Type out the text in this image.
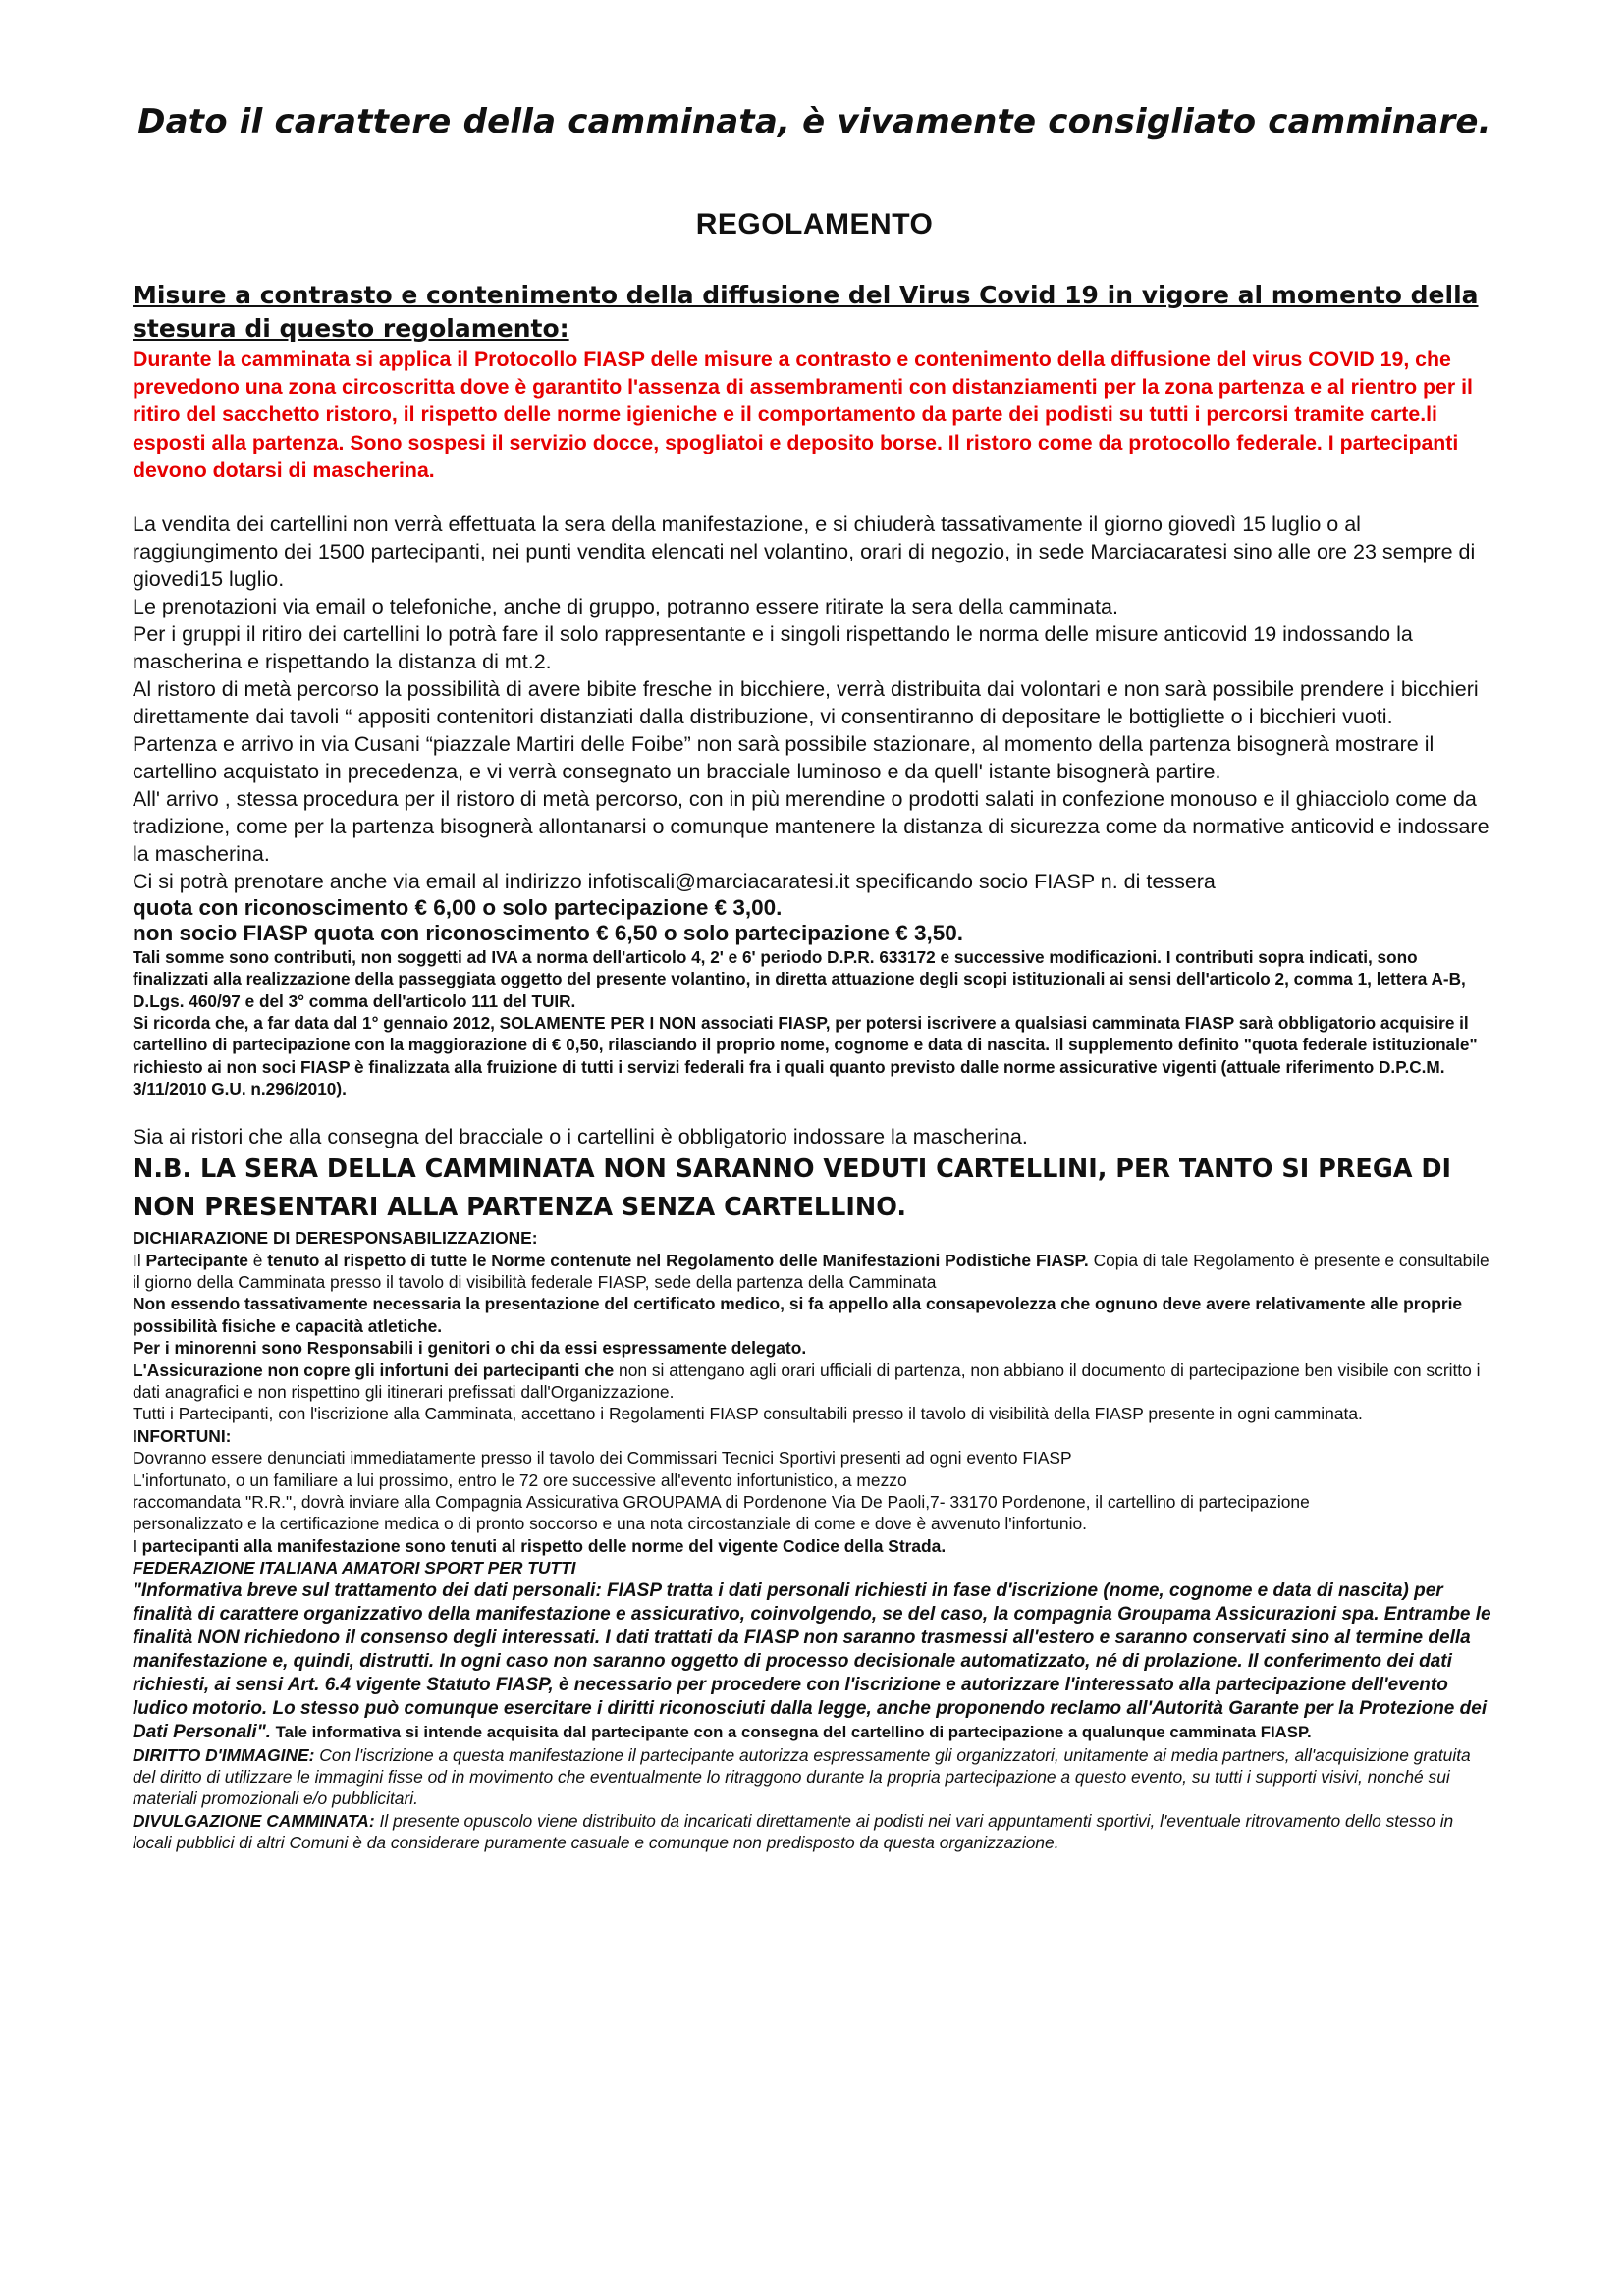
Dato il carattere della camminata, è vivamente consigliato camminare.
REGOLAMENTO

Misure a contrasto e contenimento della diffusione del Virus Covid 19 in vigore al momento della stesura di questo regolamento:

Durante la camminata si applica il Protocollo FIASP delle misure a contrasto e contenimento della diffusione del virus COVID 19, che prevedono una zona circoscritta dove è garantito l'assenza di assembramenti con distanziamenti per la zona partenza e al rientro per il ritiro del sacchetto ristoro, il rispetto delle norme igieniche e il comportamento da parte dei podisti su tutti i percorsi tramite carte.li esposti alla partenza. Sono sospesi il servizio docce, spogliatoi e deposito borse. Il ristoro come da protocollo federale. I partecipanti devono dotarsi di mascherina.

La vendita dei cartellini non verrà effettuata la sera della manifestazione, e si chiuderà tassativamente il giorno giovedì 15 luglio o al raggiungimento dei 1500 partecipanti, nei punti vendita elencati nel volantino, orari di negozio, in sede Marciacaratesi sino alle ore 23 sempre di giovedi15 luglio.

Le prenotazioni via email o telefoniche, anche di gruppo, potranno essere ritirate la sera della camminata.

Per i gruppi il ritiro dei cartellini lo potrà fare il solo rappresentante e i singoli rispettando le norma delle misure anticovid 19 indossando la mascherina e rispettando la distanza di mt.2.

Al ristoro di metà percorso la possibilità di avere bibite fresche in bicchiere, verrà distribuita dai volontari e non sarà possibile prendere i bicchieri direttamente dai tavoli “ appositi contenitori distanziati dalla distribuzione, vi consentiranno di depositare le bottigliette o i bicchieri vuoti.

Partenza e arrivo in via Cusani “piazzale Martiri delle Foibe” non sarà possibile stazionare, al momento della partenza bisognerà mostrare il cartellino acquistato in precedenza, e vi verrà consegnato un bracciale luminoso e da quell' istante bisognerà partire.

All' arrivo , stessa procedura per il ristoro di metà percorso, con in più merendine o prodotti salati in confezione monouso e il ghiacciolo come da tradizione, come per la partenza bisognerà allontanarsi o comunque mantenere la distanza di sicurezza come da normative anticovid e indossare la mascherina.

Ci si potrà prenotare anche via email al indirizzo infotiscali@marciacaratesi.it specificando socio FIASP n. di tessera

quota con riconoscimento € 6,00 o solo partecipazione € 3,00.

non socio FIASP quota con riconoscimento € 6,50 o solo partecipazione € 3,50.

Tali somme sono contributi, non soggetti ad IVA a norma dell'articolo 4, 2' e 6' periodo D.P.R. 633172 e successive modificazioni. I contributi sopra indicati, sono finalizzati alla realizzazione della passeggiata oggetto del presente volantino, in diretta attuazione degli scopi istituzionali ai sensi dell'articolo 2, comma 1, lettera A-B, D.Lgs. 460/97 e del 3° comma dell'articolo 111 del TUIR.

Si ricorda che, a far data dal 1° gennaio 2012, SOLAMENTE PER I NON associati FIASP, per potersi iscrivere a qualsiasi camminata FIASP sarà obbligatorio acquisire il cartellino di partecipazione con la maggiorazione di € 0,50, rilasciando il proprio nome, cognome e data di nascita. Il supplemento definito "quota federale istituzionale" richiesto ai non soci FIASP è finalizzata alla fruizione di tutti i servizi federali fra i quali quanto previsto dalle norme assicurative vigenti (attuale riferimento D.P.C.M. 3/11/2010 G.U. n.296/2010).

Sia ai ristori che alla consegna del bracciale o i cartellini è obbligatorio indossare la mascherina.

N.B. LA SERA DELLA CAMMINATA NON SARANNO VEDUTI CARTELLINI, PER TANTO SI PREGA DI NON PRESENTARI ALLA PARTENZA SENZA CARTELLINO.

DICHIARAZIONE DI DERESPONSABILIZZAZIONE:

Il Partecipante è tenuto al rispetto di tutte le Norme contenute nel Regolamento delle Manifestazioni Podistiche FIASP. Copia di tale Regolamento è presente e consultabile il giorno della Camminata presso il tavolo di visibilità federale FIASP, sede della partenza della Camminata

Non essendo tassativamente necessaria la presentazione del certificato medico, si fa appello alla consapevolezza che ognuno deve avere relativamente alle proprie possibilità fisiche e capacità atletiche.

Per i minorenni sono Responsabili i genitori o chi da essi espressamente delegato.

L'Assicurazione non copre gli infortuni dei partecipanti che non si attengano agli orari ufficiali di partenza, non abbiano il documento di partecipazione ben visibile con scritto i dati anagrafici e non rispettino gli itinerari prefissati dall'Organizzazione.

Tutti i Partecipanti, con l'iscrizione alla Camminata, accettano i Regolamenti FIASP consultabili presso il tavolo di visibilità della FIASP presente in ogni camminata.

INFORTUNI:

Dovranno essere denunciati immediatamente presso il tavolo dei Commissari Tecnici Sportivi presenti ad ogni evento FIASP

L'infortunato, o un familiare a lui prossimo, entro le 72 ore successive all'evento infortunistico, a mezzo

raccomandata "R.R.", dovrà inviare alla Compagnia Assicurativa GROUPAMA di Pordenone Via De Paoli,7- 33170 Pordenone, il cartellino di partecipazione

personalizzato e la certificazione medica o di pronto soccorso e una nota circostanziale di come e dove è avvenuto l'infortunio.

I partecipanti alla manifestazione sono tenuti al rispetto delle norme del vigente Codice della Strada.

FEDERAZIONE ITALIANA AMATORI SPORT PER TUTTI

"Informativa breve sul trattamento dei dati personali: FIASP tratta i dati personali richiesti in fase d'iscrizione (nome, cognome e data di nascita) per finalità di carattere organizzativo della manifestazione e assicurativo, coinvolgendo, se del caso, la compagnia Groupama Assicurazioni spa. Entrambe le finalità NON richiedono il consenso degli interessati. I dati trattati da FIASP non saranno trasmessi all'estero e saranno conservati sino al termine della manifestazione e, quindi, distrutti. In ogni caso non saranno oggetto di processo decisionale automatizzato, né di prolazione. Il conferimento dei dati richiesti, ai sensi Art. 6.4 vigente Statuto FIASP, è necessario per procedere con l'iscrizione e autorizzare l'interessato alla partecipazione dell'evento ludico motorio. Lo stesso può comunque esercitare i diritti riconosciuti dalla legge, anche proponendo reclamo all'Autorità Garante per la Protezione dei Dati Personali". Tale informativa si intende acquisita dal partecipante con a consegna del cartellino di partecipazione a qualunque camminata FIASP.

DIRITTO D'IMMAGINE: Con l'iscrizione a questa manifestazione il partecipante autorizza espressamente gli organizzatori, unitamente ai media partners, all'acquisizione gratuita del diritto di utilizzare le immagini fisse od in movimento che eventualmente lo ritraggono durante la propria partecipazione a questo evento, su tutti i supporti visivi, nonché sui materiali promozionali e/o pubblicitari.

DIVULGAZIONE CAMMINATA: Il presente opuscolo viene distribuito da incaricati direttamente ai podisti nei vari appuntamenti sportivi, l'eventuale ritrovamento dello stesso in locali pubblici di altri Comuni è da considerare puramente casuale e comunque non predisposto da questa organizzazione.
